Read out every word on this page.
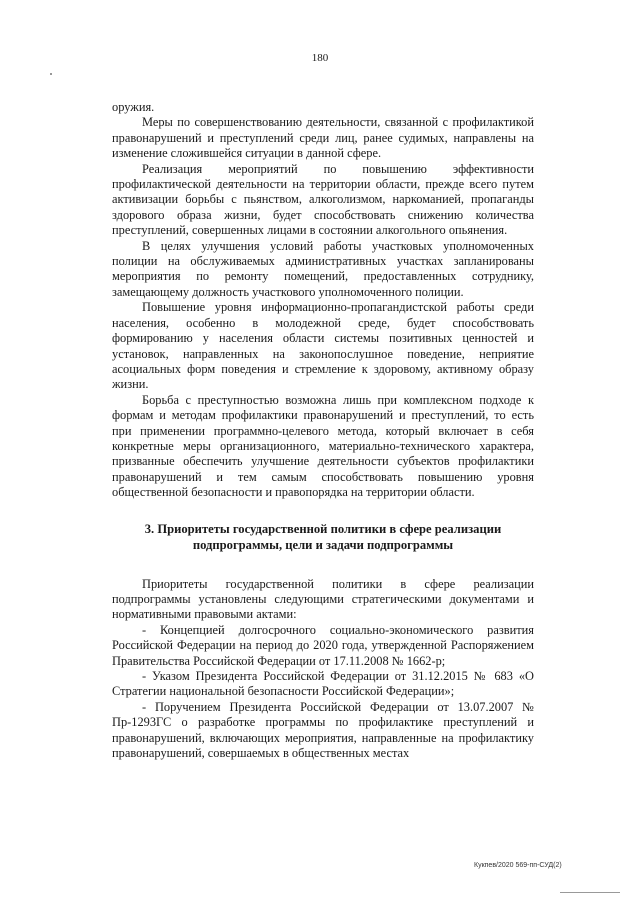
180

оружия.

Меры по совершенствованию деятельности, связанной с профилактикой правонарушений и преступлений среди лиц, ранее судимых, направлены на изменение сложившейся ситуации в данной сфере.

Реализация мероприятий по повышению эффективности профилактической деятельности на территории области, прежде всего путем активизации борьбы с пьянством, алкоголизмом, наркоманией, пропаганды здорового образа жизни, будет способствовать снижению количества преступлений, совершенных лицами в состоянии алкогольного опьянения.

В целях улучшения условий работы участковых уполномоченных полиции на обслуживаемых административных участках запланированы мероприятия по ремонту помещений, предоставленных сотруднику, замещающему должность участкового уполномоченного полиции.

Повышение уровня информационно-пропагандистской работы среди населения, особенно в молодежной среде, будет способствовать формированию у населения области системы позитивных ценностей и установок, направленных на законопослушное поведение, неприятие асоциальных форм поведения и стремление к здоровому, активному образу жизни.

Борьба с преступностью возможна лишь при комплексном подходе к формам и методам профилактики правонарушений и преступлений, то есть при применении программно-целевого метода, который включает в себя конкретные меры организационного, материально-технического характера, призванные обеспечить улучшение деятельности субъектов профилактики правонарушений и тем самым способствовать повышению уровня общественной безопасности и правопорядка на территории области.

3. Приоритеты государственной политики в сфере реализации подпрограммы, цели и задачи подпрограммы

Приоритеты государственной политики в сфере реализации подпрограммы установлены следующими стратегическими документами и нормативными правовыми актами:

- Концепцией долгосрочного социально-экономического развития Российской Федерации на период до 2020 года, утвержденной Распоряжением Правительства Российской Федерации от 17.11.2008 № 1662-р;

- Указом Президента Российской Федерации от 31.12.2015 № 683 «О Стратегии национальной безопасности Российской Федерации»;

- Поручением Президента Российской Федерации от 13.07.2007 № Пр-1293ГС о разработке программы по профилактике преступлений и правонарушений, включающих мероприятия, направленные на профилактику правонарушений, совершаемых в общественных местах

Кукпев/2020 569-пп-СУД(2)
